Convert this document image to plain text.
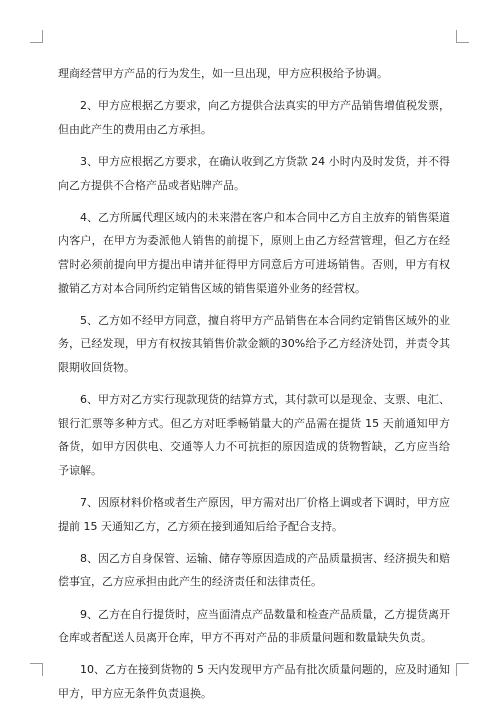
理商经营甲方产品的行为发生，如一旦出现，甲方应积极给予协调。

2、甲方应根据乙方要求，向乙方提供合法真实的甲方产品销售增值税发票，但由此产生的费用由乙方承担。

3、甲方应根据乙方要求，在确认收到乙方货款 24 小时内及时发货，并不得向乙方提供不合格产品或者贴牌产品。

4、乙方所属代理区域内的未来潜在客户和本合同中乙方自主放弃的销售渠道内客户，在甲方为委派他人销售的前提下，原则上由乙方经营管理，但乙方在经营时必须前提向甲方提出申请并征得甲方同意后方可进场销售。否则，甲方有权撤销乙方对本合同所约定销售区域的销售渠道外业务的经营权。

5、乙方如不经甲方同意，擅自将甲方产品销售在本合同约定销售区域外的业务，已经发现，甲方有权按其销售价款金额的30%给予乙方经济处罚，并责令其限期收回货物。

6、甲方对乙方实行现款现货的结算方式，其付款可以是现金、支票、电汇、银行汇票等多种方式。但乙方对旺季畅销量大的产品需在提货 15 天前通知甲方备货，如甲方因供电、交通等人力不可抗拒的原因造成的货物暂缺，乙方应当给予谅解。

7、因原材料价格或者生产原因，甲方需对出厂价格上调或者下调时，甲方应提前 15 天通知乙方，乙方须在接到通知后给予配合支持。

8、因乙方自身保管、运输、储存等原因造成的产品质量损害、经济损失和赔偿事宜，乙方应承担由此产生的经济责任和法律责任。

9、乙方在自行提货时，应当面清点产品数量和检查产品质量，乙方提货离开仓库或者配送人员离开仓库，甲方不再对产品的非质量问题和数量缺失负责。

10、乙方在接到货物的 5 天内发现甲方产品有批次质量问题的，应及时通知甲方，甲方应无条件负责退换。
